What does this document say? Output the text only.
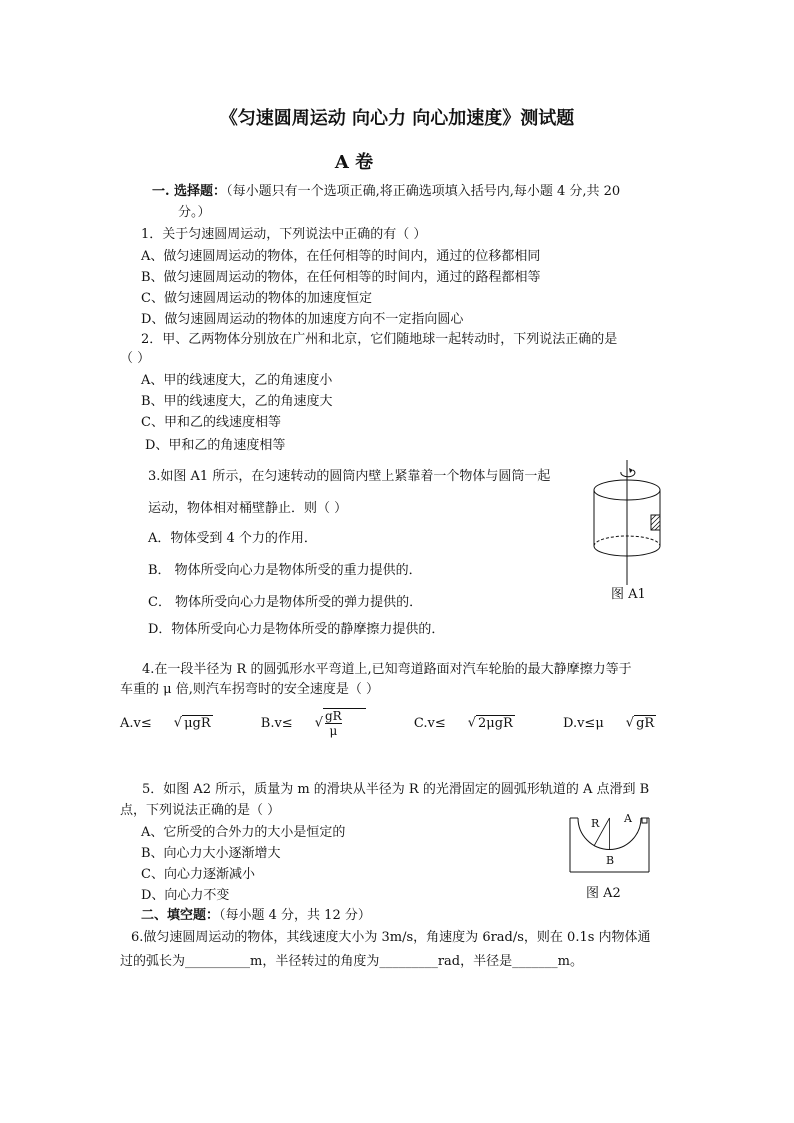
《匀速圆周运动 向心力 向心加速度》测试题
A 卷
一. 选择题：（每小题只有一个选项正确,将正确选项填入括号内,每小题 4 分,共 20
分。）
1．关于匀速圆周运动，下列说法中正确的有（ ）
A、做匀速圆周运动的物体，在任何相等的时间内，通过的位移都相同
B、做匀速圆周运动的物体，在任何相等的时间内，通过的路程都相等
C、做匀速圆周运动的物体的加速度恒定
D、做匀速圆周运动的物体的加速度方向不一定指向圆心
2．甲、乙两物体分别放在广州和北京，它们随地球一起转动时，下列说法正确的是
（ ）
A、甲的线速度大，乙的角速度小
B、甲的线速度大，乙的角速度大
C、甲和乙的线速度相等
D、甲和乙的角速度相等
3.如图 A1 所示，在匀速转动的圆筒内壁上紧靠着一个物体与圆筒一起
运动，物体相对桶壁静止．则（ ）
A．物体受到 4 个力的作用．
B． 物体所受向心力是物体所受的重力提供的．
C． 物体所受向心力是物体所受的弹力提供的．
D．物体所受向心力是物体所受的静摩擦力提供的．
图 A1
4.在一段半径为 R 的圆弧形水平弯道上,已知弯道路面对汽车轮胎的最大静摩擦力等于
车重的 μ 倍,则汽车拐弯时的安全速度是（ ）
A.v≤ √ μgR	B.v≤ √ $\frac{gR}{\mu}$	C.v≤ √ 2μgR	D.v≤μ √ gR
5．如图 A2 所示，质量为 m 的滑块从半径为 R 的光滑固定的圆弧形轨道的 A 点滑到 B
点，下列说法正确的是（ ）
A、它所受的合外力的大小是恒定的
B、向心力大小逐渐增大
C、向心力逐渐减小
D、向心力不变
R A
B
图 A2
二、填空题：（每小题 4 分，共 12 分）
6.做匀速圆周运动的物体，其线速度大小为 3m/s，角速度为 6rad/s，则在 0.1s 内物体通
过的弧长为__________m，半径转过的角度为_________rad，半径是_______m。
